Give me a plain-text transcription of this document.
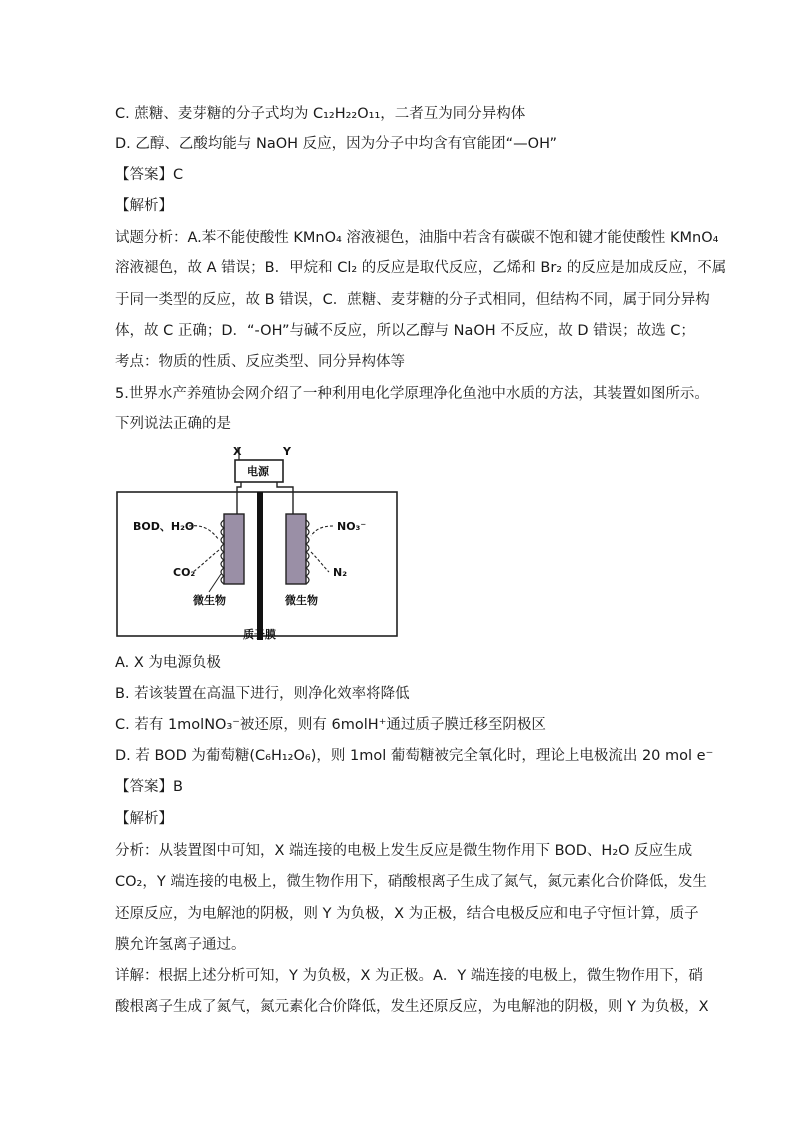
C. 蔗糖、麦芽糖的分子式均为 C₁₂H₂₂O₁₁，二者互为同分异构体
D. 乙醇、乙酸均能与 NaOH 反应，因为分子中均含有官能团“—OH”
【答案】C
【解析】
试题分析：A.苯不能使酸性 KMnO₄ 溶液褪色，油脂中若含有碳碳不饱和键才能使酸性 KMnO₄
溶液褪色，故 A 错误；B．甲烷和 Cl₂ 的反应是取代反应，乙烯和 Br₂ 的反应是加成反应，不属
于同一类型的反应，故 B 错误，C．蔗糖、麦芽糖的分子式相同，但结构不同，属于同分异构
体，故 C 正确；D．“-OH”与碱不反应，所以乙醇与 NaOH 不反应，故 D 错误；故选 C；
考点：物质的性质、反应类型、同分异构体等
5.世界水产养殖协会网介绍了一种利用电化学原理净化鱼池中水质的方法，其装置如图所示。
下列说法正确的是
电源
X	Y
BOD、H₂O
CO₂
微生物
NO₃⁻
N₂
微生物
质子膜
A. X 为电源负极
B. 若该装置在高温下进行，则净化效率将降低
C. 若有 1molNO₃⁻被还原，则有 6molH⁺通过质子膜迁移至阴极区
D. 若 BOD 为葡萄糖(C₆H₁₂O₆)，则 1mol 葡萄糖被完全氧化时，理论上电极流出 20 mol e⁻
【答案】B
【解析】
分析：从装置图中可知，X 端连接的电极上发生反应是微生物作用下 BOD、H₂O 反应生成
CO₂，Y 端连接的电极上，微生物作用下，硝酸根离子生成了氮气，氮元素化合价降低，发生
还原反应，为电解池的阴极，则 Y 为负极，X 为正极，结合电极反应和电子守恒计算，质子
膜允许氢离子通过。
详解：根据上述分析可知，Y 为负极，X 为正极。A．Y 端连接的电极上，微生物作用下，硝
酸根离子生成了氮气，氮元素化合价降低，发生还原反应，为电解池的阴极，则 Y 为负极，X
